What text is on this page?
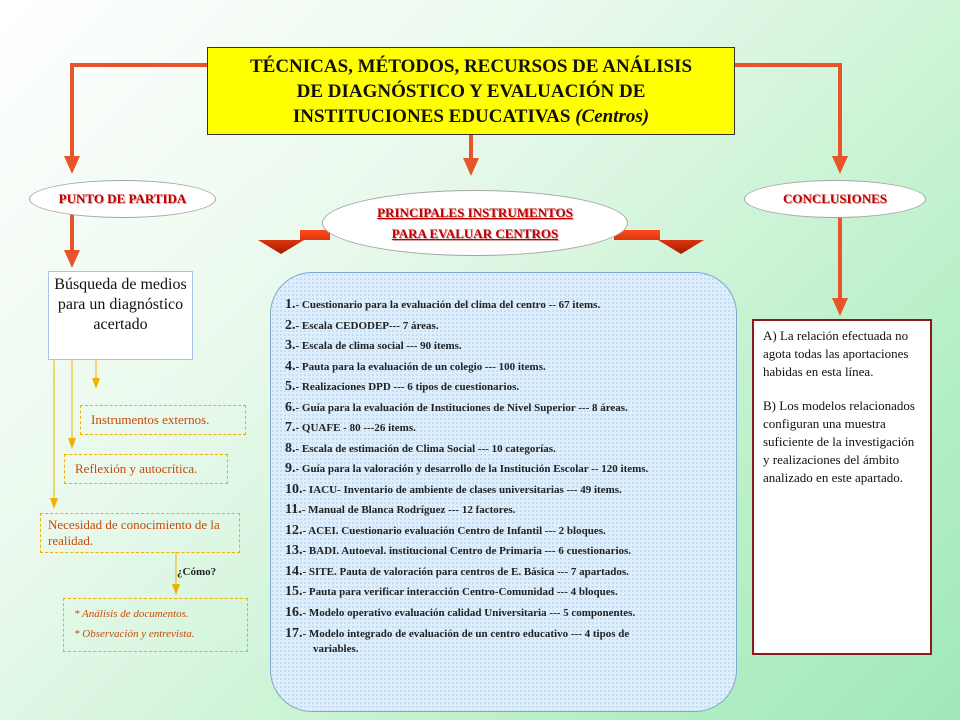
TÉCNICAS, MÉTODOS, RECURSOS DE ANÁLISIS
DE DIAGNÓSTICO Y EVALUACIÓN DE
INSTITUCIONES EDUCATIVAS (Centros)
PUNTO DE PARTIDA
PRINCIPALES INSTRUMENTOS
PARA EVALUAR CENTROS
CONCLUSIONES
Búsqueda de medios para un diagnóstico acertado
Instrumentos externos.
Reflexión y autocrítica.
Necesidad de conocimiento de la realidad.
¿Cómo?
* Análisis de documentos.
* Observación y entrevista.
1.- Cuestionario para la evaluación del clima del centro -- 67 items.
2.- Escala CEDODEP--- 7 áreas.
3.- Escala de clima social --- 90 items.
4.- Pauta para la evaluación de un colegio --- 100 items.
5.- Realizaciones DPD --- 6 tipos de cuestionarios.
6.- Guía para la evaluación de Instituciones de Nivel Superior --- 8 áreas.
7.- QUAFE - 80 ---26 items.
8.- Escala de estimación de Clima Social --- 10 categorías.
9.- Guía para la valoración y desarrollo de la Institución Escolar -- 120 items.
10.- IACU- Inventario de ambiente de clases universitarias --- 49 items.
11.- Manual de Blanca Rodríguez --- 12 factores.
12.- ACEI. Cuestionario evaluación Centro de Infantil --- 2 bloques.
13.- BADI. Autoeval. institucional Centro de Primaria --- 6 cuestionarios.
14.- SITE. Pauta de valoración para centros de E. Básica --- 7 apartados.
15.- Pauta para verificar interacción Centro-Comunidad --- 4 bloques.
16.- Modelo operativo evaluación calidad Universitaria --- 5 componentes.
17.- Modelo integrado de evaluación de un centro educativo --- 4 tipos de
variables.

A) La relación efectuada no agota todas las aportaciones habidas en esta línea.

B) Los modelos relacionados configuran una muestra suficiente de la investigación y realizaciones del ámbito analizado en este apartado.
